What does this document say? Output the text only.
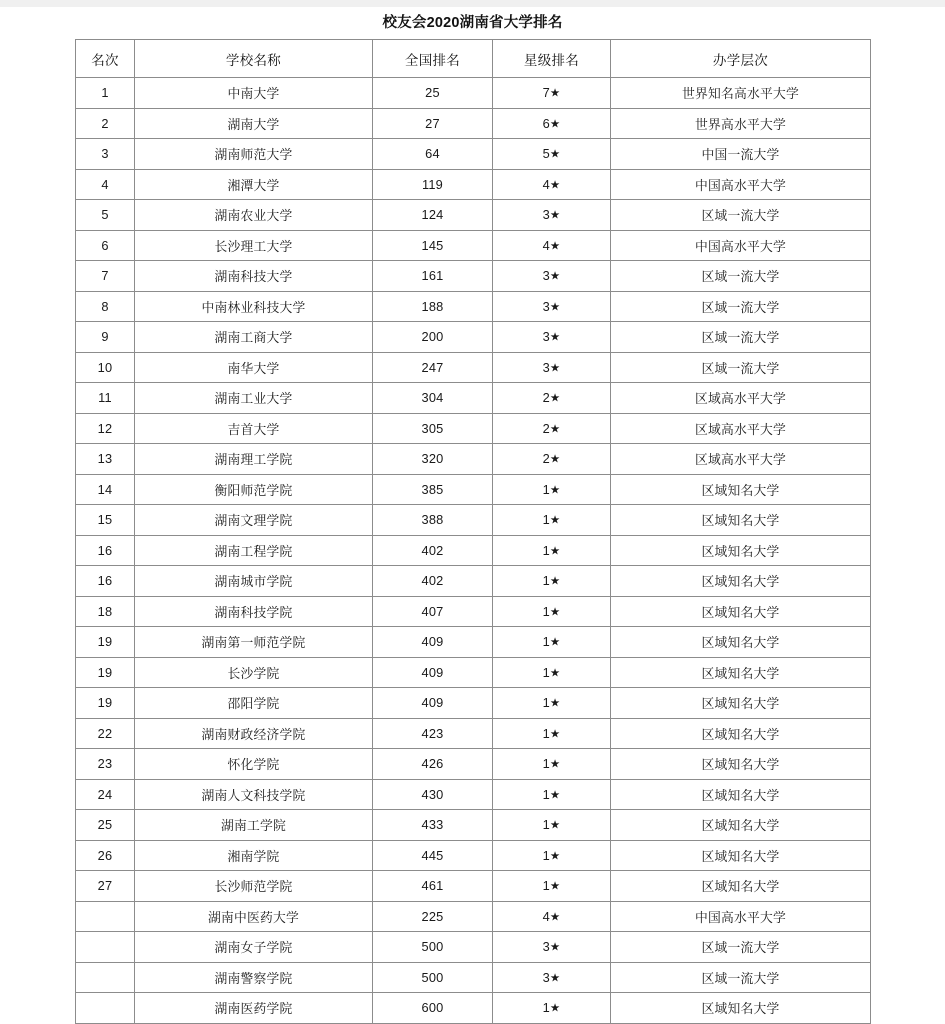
校友会2020湖南省大学排名
名次	学校名称	全国排名	星级排名	办学层次
1	中南大学	25	7★	世界知名高水平大学
2	湖南大学	27	6★	世界高水平大学
3	湖南师范大学	64	5★	中国一流大学
4	湘潭大学	119	4★	中国高水平大学
5	湖南农业大学	124	3★	区域一流大学
6	长沙理工大学	145	4★	中国高水平大学
7	湖南科技大学	161	3★	区域一流大学
8	中南林业科技大学	188	3★	区域一流大学
9	湖南工商大学	200	3★	区域一流大学
10	南华大学	247	3★	区域一流大学
11	湖南工业大学	304	2★	区域高水平大学
12	吉首大学	305	2★	区域高水平大学
13	湖南理工学院	320	2★	区域高水平大学
14	衡阳师范学院	385	1★	区域知名大学
15	湖南文理学院	388	1★	区域知名大学
16	湖南工程学院	402	1★	区域知名大学
16	湖南城市学院	402	1★	区域知名大学
18	湖南科技学院	407	1★	区域知名大学
19	湖南第一师范学院	409	1★	区域知名大学
19	长沙学院	409	1★	区域知名大学
19	邵阳学院	409	1★	区域知名大学
22	湖南财政经济学院	423	1★	区域知名大学
23	怀化学院	426	1★	区域知名大学
24	湖南人文科技学院	430	1★	区域知名大学
25	湖南工学院	433	1★	区域知名大学
26	湘南学院	445	1★	区域知名大学
27	长沙师范学院	461	1★	区域知名大学
	湖南中医药大学	225	4★	中国高水平大学
	湖南女子学院	500	3★	区域一流大学
	湖南警察学院	500	3★	区域一流大学
	湖南医药学院	600	1★	区域知名大学
